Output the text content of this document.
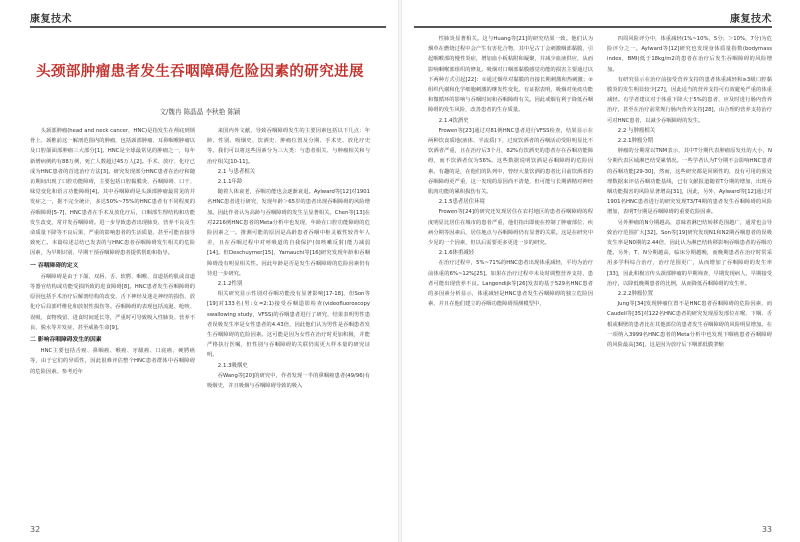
康复技术
头颈部肿瘤患者发生吞咽障碍危险因素的研究进展
文/魏冉 陈晶晶 李秋艳 陈颖

头颈部肿瘤(head and neck cancer，HNC)是指发生在颅底到锁骨上、颈椎前这一解剖范围内的肿瘤，包括颈部肿瘤、耳鼻咽喉肿瘤以及口腔颌面部肿瘤三大部分[1]。HNC是全球最常见的肿瘤之一，每年新增病例约有88万例，死亡人数超过45万人[2]。手术、放疗、化疗已成为HNC患者的首选治疗方法[3]。研究发现部分HNC患者在治疗和随访期间出现了口腔功能障碍，主要包括口腔黏膜炎、吞咽障碍、口干、味觉变化和语言功能障碍[4]。其中吞咽障碍是头颈部肿瘤最常见的并发症之一，据不完全统计，多达50%~75%的HNC患者有不同程度的吞咽障碍[5-7]，HNC患者在手术及放化疗后，口咽部生理结构和功能发生改变，常并发吞咽障碍。进一步导致患者出现肺炎、营养不良及生命质量下降等不良后果，严重的影响患者的生活质量，甚至可能直接导致死亡。本篇综述总结已发表的与HNC患者吞咽障碍发生相关的危险因素，为早期识别、早期干预吞咽障碍患者提供帮助和指导。

一 吞咽障碍的定义

吞咽障碍是由于下颌、双唇、舌、软腭、咽喉、食道括约肌或食道等器官结构或功能受损所致的进食障碍[8]。HNC患者发生吞咽障碍的原因包括手术治疗后解剖结构的改变、舌下神经及迷走神经的损伤、放化疗后局部纤维化和放射性损伤等。吞咽障碍的表现包括流涎、呛咳、误吸、食物残留、进食时间延长等，严重时可导致吸入性肺炎、营养不良、脱水等并发症，甚至威胁生命[9]。

二 影响吞咽障碍发生的因素

HNC主要包括舌癌、鼻咽癌、喉癌、牙龈癌、口底癌、硬腭癌等，由于它们的异质性，因此很难评估整个HNC患者群体中吞咽障碍的危险因素。参考近年

来国内外文献，导致吞咽障碍发生的主要因素包括以下几点：年龄、性别、吸烟史、饮酒史、肿瘤位置及分期、手术史、放化疗史等。我们可以将这些因素分为三大类：与患者相关、与肿瘤相关和与治疗相关[10-11]。

2.1 与患者相关
2.1.1年龄

随着人体衰老，吞咽功能也会逐渐衰退。Aylward等[12]对1901名HNC患者进行研究，发现年龄＞65岁的患者出现吞咽障碍的风险增加。因此作者认为高龄与吞咽障碍的发生呈显著相关。Chen等[13]在对2216例HNC患者的Meta分析中也发现，年龄在口腔功能障碍的危险因素之一。推测可能的原因是高龄患者吞咽中枢灵敏性较青年人差，且在吞咽过程中对呼吸道的自我保护(如咳嗽反射)能力减弱[14]。但Deschuymer[15]、Yamauchi等[16]研究发现年龄和吞咽障碍没有明显相关性。因此年龄是否是发生吞咽障碍的危险因素仍有待进一步研究。

2.1.2性别

相关研究显示性别对吞咽功能没有显著影响[17-18]，但Son等[19]对133名(男:女=2:1)接受吞咽造影检查(videofluoroscopy swallowing study，VFSS)的吞咽患者进行了研究，结果表明男性患者误吸发生率是女性患者的4.43倍，因此他们认为男性是吞咽患者发生吞咽障碍的危险因素。这可能是因为女性在治疗时更加积极，并能严格执行医嘱，但性别与吞咽障碍的关联仍需更大样本量的研究证明。

2.1.3吸烟史

吞Wang等[20]的研究中，作者发现一半的鼻咽癌患者(49/96)有吸烟史，并且吸烟与吞咽障碍导致的吸入

32
康复技术

性肺炎显著相关。这与Huang等[21]的研究结果一致。他们认为烟草在燃烧过程中会产生有害化合物，其中尼古丁会刺激咽部黏膜，引起咽喉部的慢性炎症，增加血小板粘附和凝聚，并减少血液供应，从而影响咽喉部组织的修复。吸烟对口咽部黏膜感觉功能的损害主要通过以下两种方式引起[22]：①通过烟草对黏膜的直接长期刺激和热刺激；②组织代谢和化学细胞刺激的继发性变化。有证据表明，吸烟对免疫功能和微循环的影响与吞咽时间和吞咽障碍有关。因此戒烟有利于降低吞咽障碍的发生风险，改善患者的生存质量。

2.1.4饮酒史

Frowen等[23]通过对81例HNC患者进行VFSS检查，结果显示在两种饮食质地(液体、半流质)下，过度饮酒者的吞咽活动受阻明显比不饮酒者严重，且在治疗后3个月，82%有饮酒史的患者存在吞咽功能障碍，而不饮酒者仅为56%。这些数据说明饮酒是吞咽障碍的危险因素。有趣的是，在他们的队列中，曾经大量饮酒的患者比目前饮酒者的吞咽障碍更严重，这一发现的原因尚不清楚，但可能与长期酒精对神经肌肉功能的累积损伤有关。

2.1.5患者居住环境

Frowen等[24]的研究还发现居住在农村地区的患者吞咽障碍的程度明显比居住在城市的患者严重，他们指出即使在控制了肿瘤部位、疾病分期等因素后，居住地点与吞咽障碍仍有显著的关联。这是在研究中少见的一个因素，但以后需要更多更进一步的研究。

2.1.6体重减轻

在治疗过程中，5%~71%的HNC患者出现体重减轻，平均为治疗前体重的6%~12%[25]。如果在治疗过程中未及时调整营养支持，患者可能出现营养不良。Langendijk等[26]发表的基于529名HNC患者的多因素分析显示，体重减轻是HNC患者发生吞咽障碍的独立危险因素，并且在他们建立的吞咽功能障碍预测模型中，

四周风险评分中，体重减轻(1%~10%，5分；＞10%，7分)为危险评分之一。Aylward等[12]研究也发现身体质量指数(bodymass index，BMI)低于18kg/m2的患者在治疗后发生吞咽障碍的风险增加。

有研究显示在治疗前接受营养支持的患者体重减轻和≥3级口腔黏膜炎的发生明显较少[27]，因此适当的营养支持可有效避免严重的体重减轻。有学者建议对于体重下降大于5%的患者，应及时进行肠内营养治疗，甚至在治疗前常规行肠内营养支持[28]，由合理的营养支持治疗可对HNC患者，以减少吞咽障碍的发生。

2.2 与肿瘤相关
2.2.1肿瘤分期

肿瘤的分期常以TNM表示，其中T分期代表肿瘤原发灶的大小，N分期代表区域淋巴结受累情况。一些学者认为T分期不会影响HNC患者的吞咽功能[29-30]，然而，这些研究都是回顾性的，没有可用的预处理数据来评估吞咽功能基线，已有文献报道随着T分期的增加，出现吞咽功能损害的风险显著增高[31]，因此，另外，Aylward等[12]通过对1901名HNC患者进行的研究发现T3/T4期的患者发生吞咽障碍的风险增加，表明T分期是吞咽障碍的重要危险因素。

另外肿瘤的N分期越高，意味着淋巴结转移范围越广，通常也会导致治疗范围扩大[32]。Son等[19]研究发现N1和N2期吞咽患者的误吸发生率是N0期的2.44倍，因此认为淋巴结转移影响吞咽患者的吞咽功能。另外，T、N分期越高，临床分期越晚，而晚期患者在治疗时常采用多学科综合治疗，治疗范围更广，从而增加了吞咽障碍的发生率[33]，因此积极宣传头颈部肿瘤的早期筛查，早期发现病人，早期接受治疗，以降低晚期患者的比例，从而降低吞咽障碍的发生率。

2.2.2肿瘤位置

Jung等[34]发现肿瘤位置不是HNC患者吞咽障碍的危险因素，而Caudell等[35]对122名HNC患者的研究发现原发部位在喉、下咽、舌根或咽壁的患者比在其他部位的患者发生吞咽障碍的风险明显增加。在一项纳入3999名HNC患者的Meta分析中也发现下咽癌患者吞咽障碍的风险最高[36]，这是因为放疗后下咽部低膜挛缩

33
